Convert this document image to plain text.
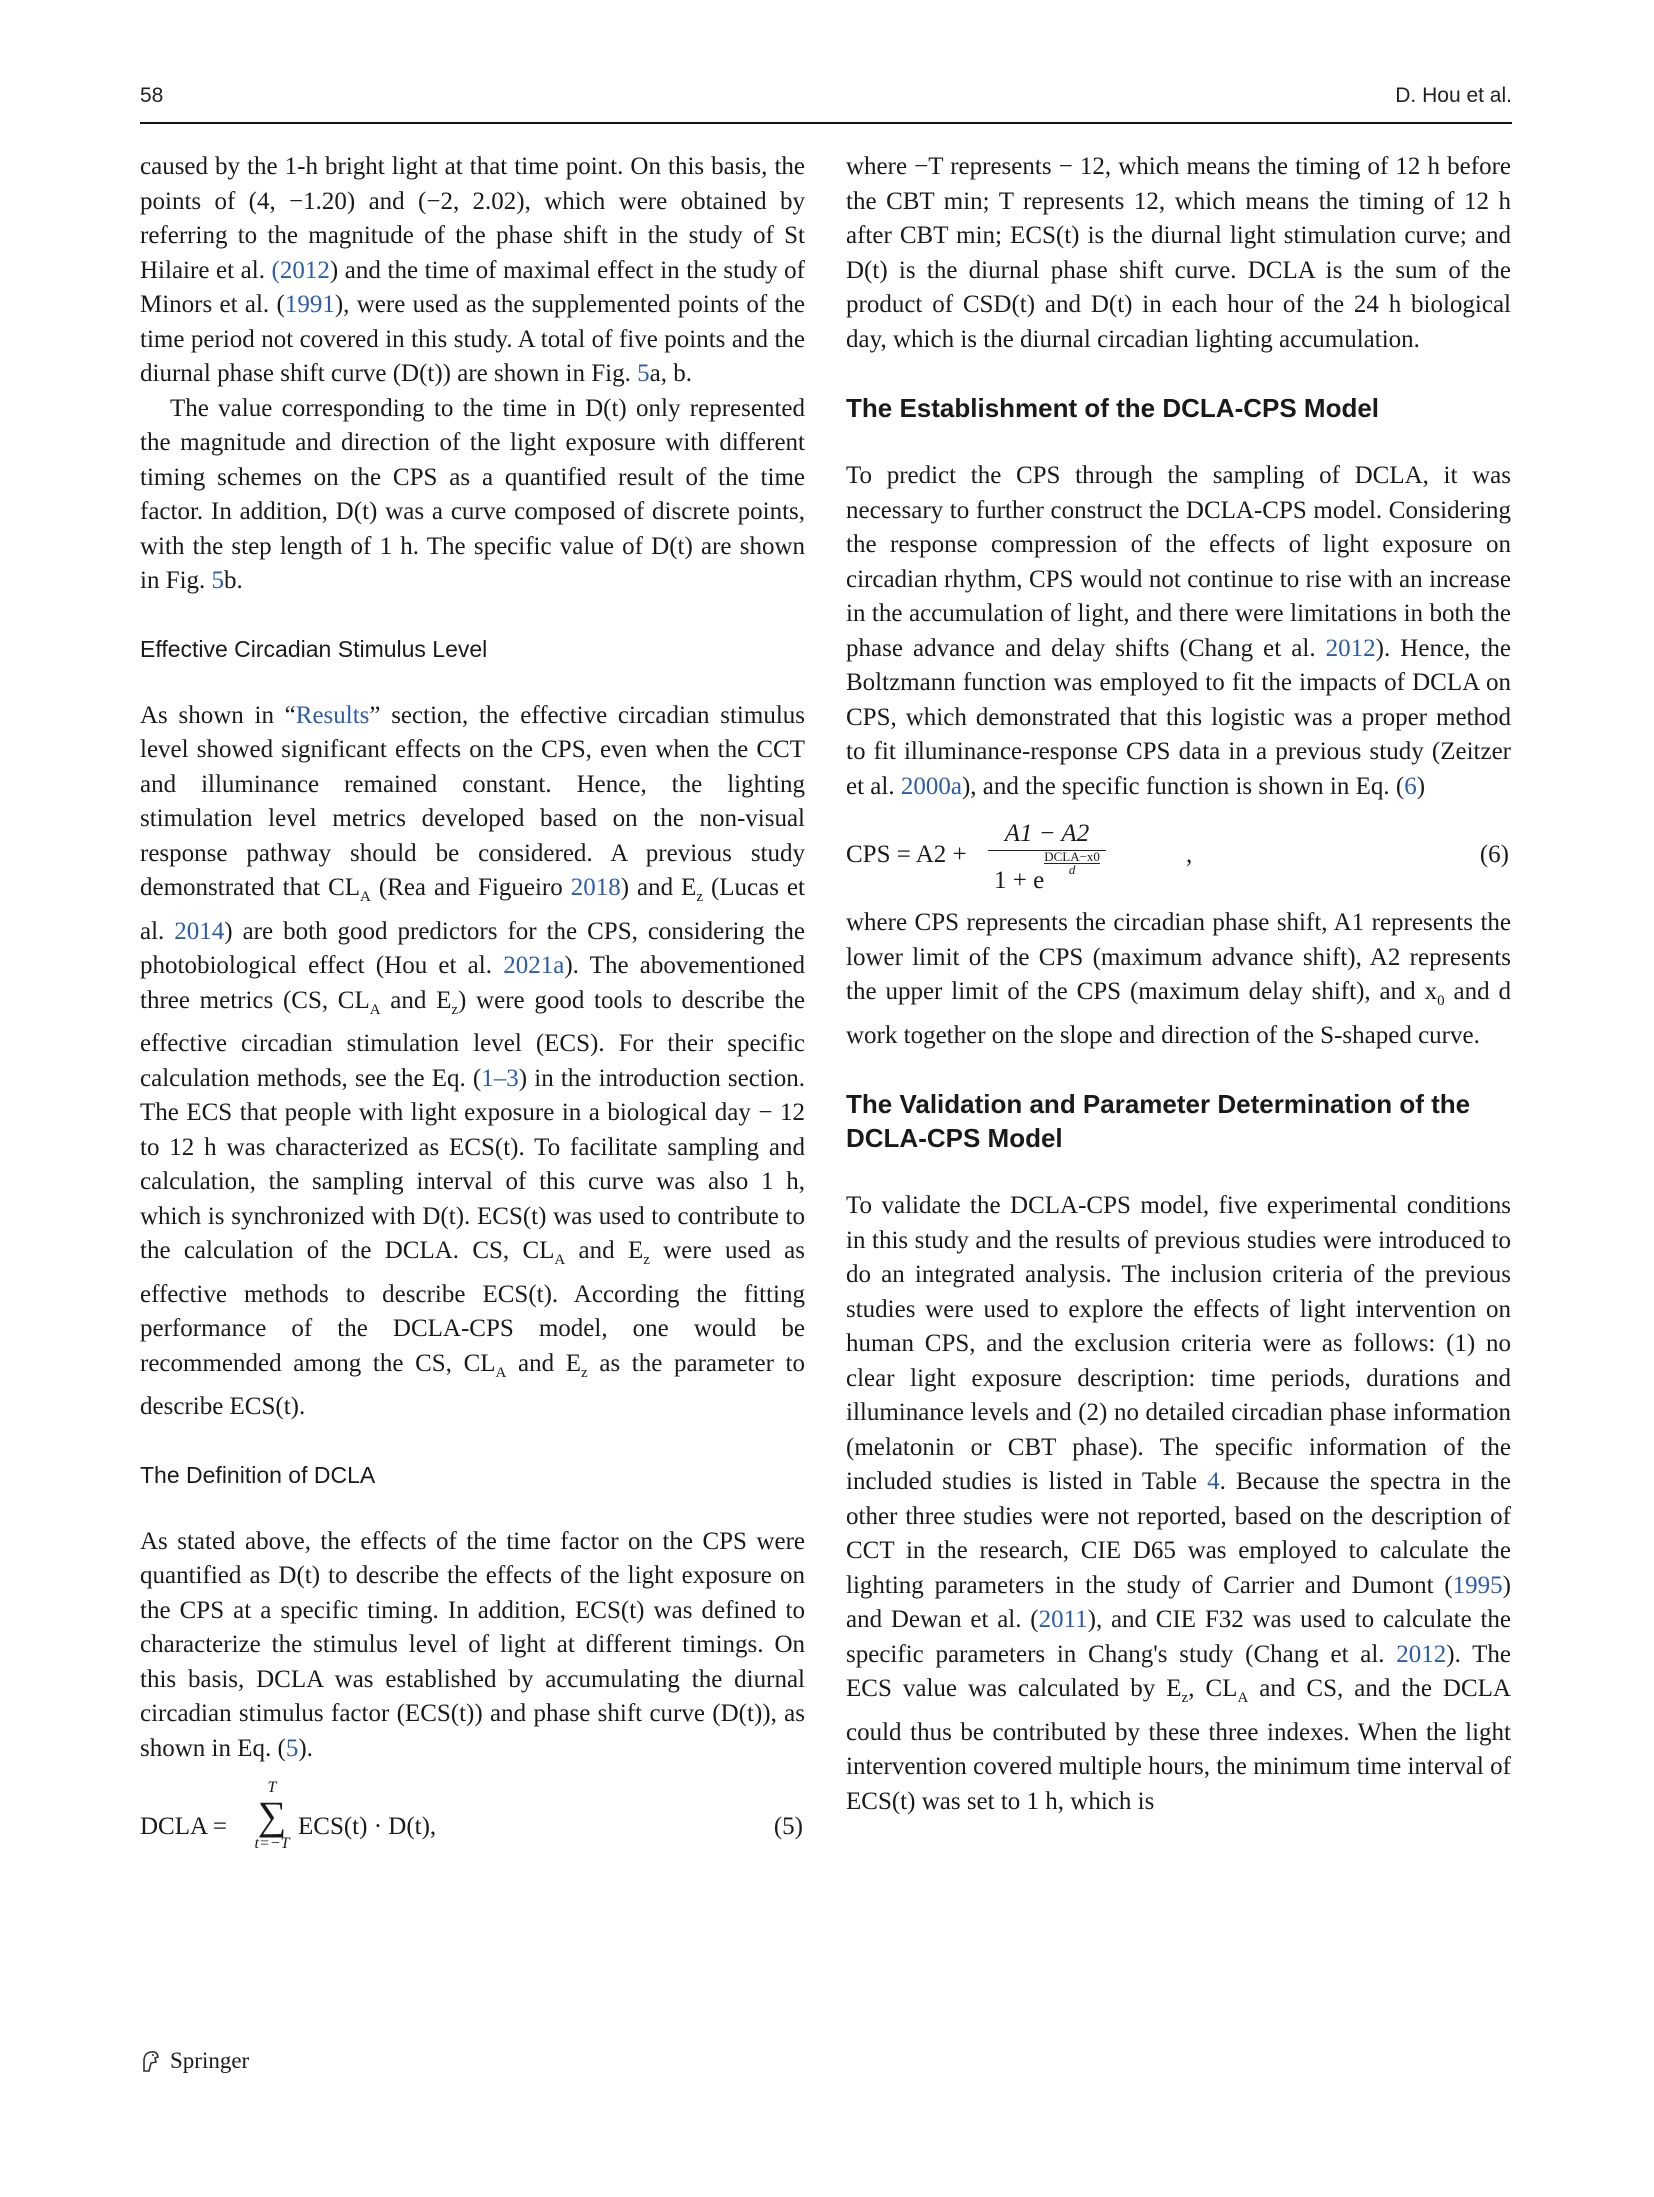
58	D. Hou et al.

caused by the 1-h bright light at that time point. On this basis, the points of (4, −1.20) and (−2, 2.02), which were obtained by referring to the magnitude of the phase shift in the study of St Hilaire et al. (2012) and the time of maximal effect in the study of Minors et al. (1991), were used as the supplemented points of the time period not covered in this study. A total of five points and the diurnal phase shift curve (D(t)) are shown in Fig. 5a, b.

The value corresponding to the time in D(t) only represented the magnitude and direction of the light exposure with different timing schemes on the CPS as a quantified result of the time factor. In addition, D(t) was a curve composed of discrete points, with the step length of 1 h. The specific value of D(t) are shown in Fig. 5b.

Effective Circadian Stimulus Level

As shown in “Results” section, the effective circadian stimulus level showed significant effects on the CPS, even when the CCT and illuminance remained constant. Hence, the lighting stimulation level metrics developed based on the non-visual response pathway should be considered. A previous study demonstrated that $CL_A$ (Rea and Figueiro 2018) and $E_z$ (Lucas et al. 2014) are both good predictors for the CPS, considering the photobiological effect (Hou et al. 2021a). The abovementioned three metrics (CS, $CL_A$ and $E_z$) were good tools to describe the effective circadian stimulation level (ECS). For their specific calculation methods, see the Eq. (1–3) in the introduction section. The ECS that people with light exposure in a biological day − 12 to 12 h was characterized as ECS(t). To facilitate sampling and calculation, the sampling interval of this curve was also 1 h, which is synchronized with D(t). ECS(t) was used to contribute to the calculation of the DCLA. CS, $CL_A$ and $E_z$ were used as effective methods to describe ECS(t). According the fitting performance of the DCLA-CPS model, one would be recommended among the CS, $CL_A$ and $E_z$ as the parameter to describe ECS(t).

The Definition of DCLA

As stated above, the effects of the time factor on the CPS were quantified as D(t) to describe the effects of the light exposure on the CPS at a specific timing. In addition, ECS(t) was defined to characterize the stimulus level of light at different timings. On this basis, DCLA was established by accumulating the diurnal circadian stimulus factor (ECS(t)) and phase shift curve (D(t)), as shown in Eq. (5).

DCLA =
T
∑
t=−T
ECS(t) · D(t),	(5)

where −T represents − 12, which means the timing of 12 h before the CBT min; T represents 12, which means the timing of 12 h after CBT min; ECS(t) is the diurnal light stimulation curve; and D(t) is the diurnal phase shift curve. DCLA is the sum of the product of CSD(t) and D(t) in each hour of the 24 h biological day, which is the diurnal circadian lighting accumulation.

The Establishment of the DCLA-CPS Model

To predict the CPS through the sampling of DCLA, it was necessary to further construct the DCLA-CPS model. Considering the response compression of the effects of light exposure on circadian rhythm, CPS would not continue to rise with an increase in the accumulation of light, and there were limitations in both the phase advance and delay shifts (Chang et al. 2012). Hence, the Boltzmann function was employed to fit the impacts of DCLA on CPS, which demonstrated that this logistic was a proper method to fit illuminance-response CPS data in a previous study (Zeitzer et al. 2000a), and the specific function is shown in Eq. (6)

CPS = A2 +
A1 − A2
1 + e
$^{DCLA-x0 d}$
,	(6)

where CPS represents the circadian phase shift, A1 represents the lower limit of the CPS (maximum advance shift), A2 represents the upper limit of the CPS (maximum delay shift), and $x_0$ and d work together on the slope and direction of the S-shaped curve.

The Validation and Parameter Determination of the DCLA-CPS Model

To validate the DCLA-CPS model, five experimental conditions in this study and the results of previous studies were introduced to do an integrated analysis. The inclusion criteria of the previous studies were used to explore the effects of light intervention on human CPS, and the exclusion criteria were as follows: (1) no clear light exposure description: time periods, durations and illuminance levels and (2) no detailed circadian phase information (melatonin or CBT phase). The specific information of the included studies is listed in Table 4. Because the spectra in the other three studies were not reported, based on the description of CCT in the research, CIE D65 was employed to calculate the lighting parameters in the study of Carrier and Dumont (1995) and Dewan et al. (2011), and CIE F32 was used to calculate the specific parameters in Chang's study (Chang et al. 2012). The ECS value was calculated by $E_z$, $CL_A$ and CS, and the DCLA could thus be contributed by these three indexes. When the light intervention covered multiple hours, the minimum time interval of ECS(t) was set to 1 h, which is

Springer
